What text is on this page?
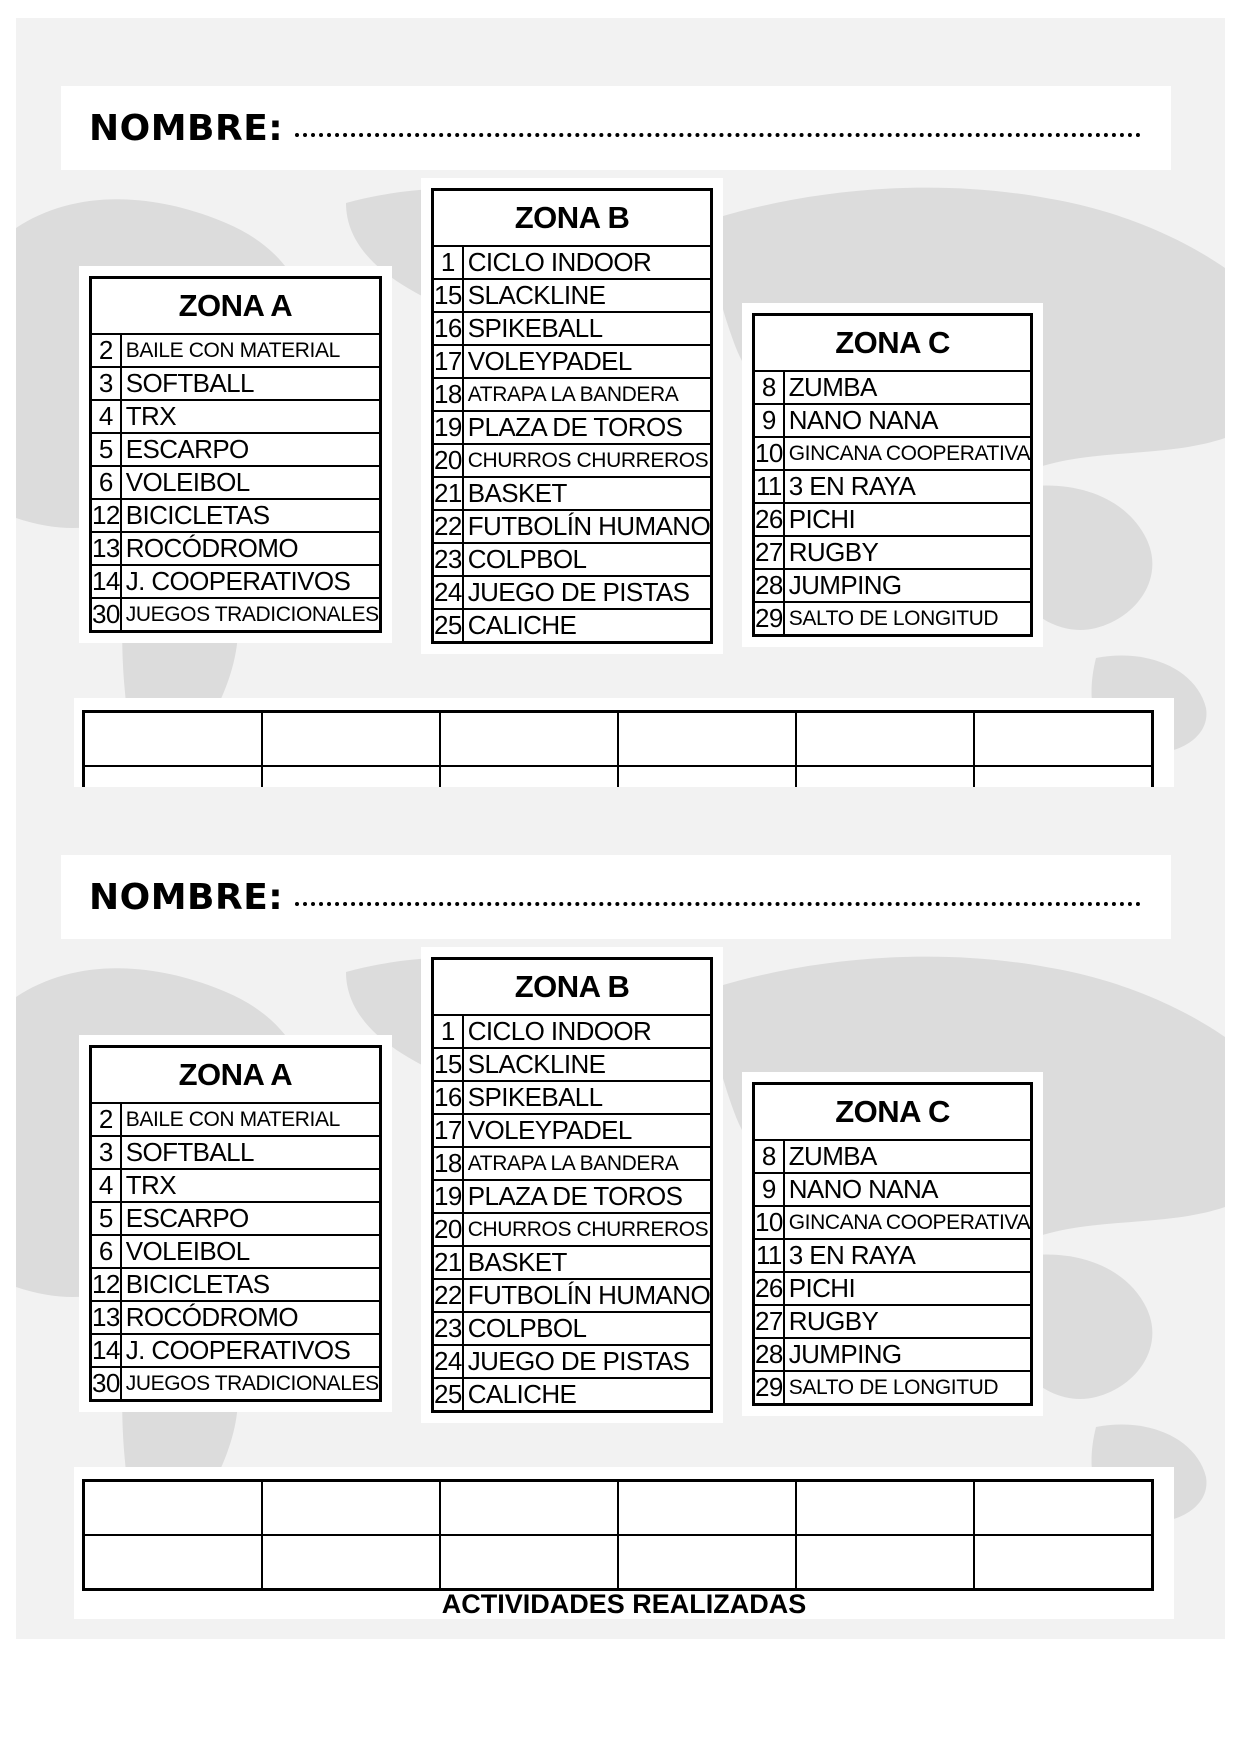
NOMBRE:
ZONA A	
2	BAILE CON MATERIAL
3	SOFTBALL
4	TRX
5	ESCARPO
6	VOLEIBOL
12	BICICLETAS
13	ROCÓDROMO
14	J. COOPERATIVOS
30	JUEGOS TRADICIONALES
ZONA B	
1	CICLO INDOOR
15	SLACKLINE
16	SPIKEBALL
17	VOLEYPADEL
18	ATRAPA LA BANDERA
19	PLAZA DE TOROS
20	CHURROS CHURREROS
21	BASKET
22	FUTBOLÍN HUMANO
23	COLPBOL
24	JUEGO DE PISTAS
25	CALICHE
ZONA C	
8	ZUMBA
9	NANO NANA
10	GINCANA COOPERATIVA
11	3 EN RAYA
26	PICHI
27	RUGBY
28	JUMPING
29	SALTO DE LONGITUD

NOMBRE:
ZONA A	
2	BAILE CON MATERIAL
3	SOFTBALL
4	TRX
5	ESCARPO
6	VOLEIBOL
12	BICICLETAS
13	ROCÓDROMO
14	J. COOPERATIVOS
30	JUEGOS TRADICIONALES
ZONA B	
1	CICLO INDOOR
15	SLACKLINE
16	SPIKEBALL
17	VOLEYPADEL
18	ATRAPA LA BANDERA
19	PLAZA DE TOROS
20	CHURROS CHURREROS
21	BASKET
22	FUTBOLÍN HUMANO
23	COLPBOL
24	JUEGO DE PISTAS
25	CALICHE
ZONA C	
8	ZUMBA
9	NANO NANA
10	GINCANA COOPERATIVA
11	3 EN RAYA
26	PICHI
27	RUGBY
28	JUMPING
29	SALTO DE LONGITUD

ACTIVIDADES REALIZADAS
